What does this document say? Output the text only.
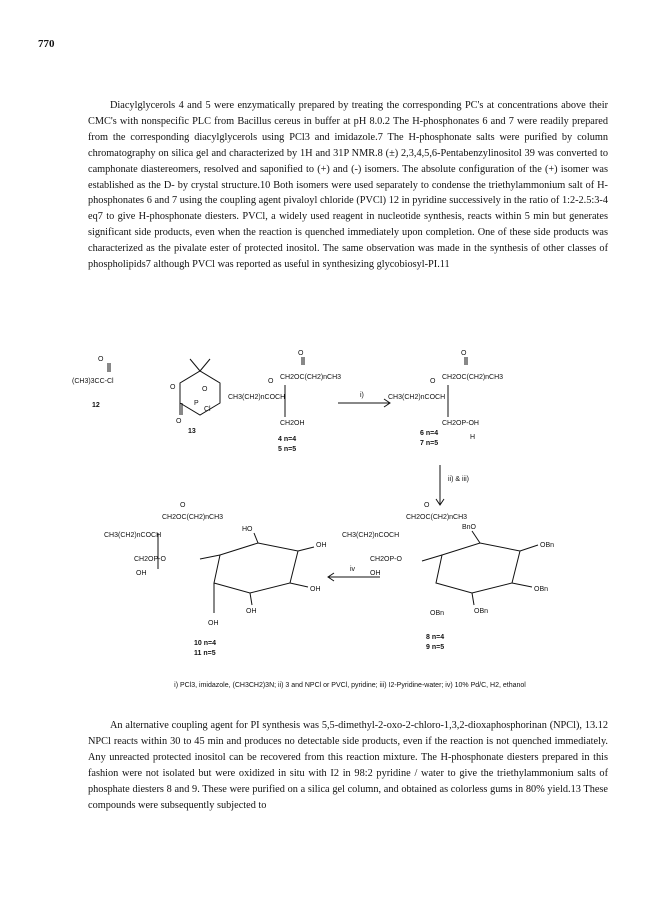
770

Diacylglycerols 4 and 5 were enzymatically prepared by treating the corresponding PC's at concentrations above their CMC's with nonspecific PLC from Bacillus cereus in buffer at pH 8.0.2 The H-phosphonates 6 and 7 were readily prepared from the corresponding diacylglycerols using PCl3 and imidazole.7 The H-phosphonate salts were purified by column chromatography on silica gel and characterized by 1H and 31P NMR.8 (±) 2,3,4,5,6-Pentabenzylinositol 39 was converted to camphonate diastereomers, resolved and saponified to (+) and (-) isomers. The absolute configuration of the (+) isomer was established as the D- by crystal structure.10 Both isomers were used separately to condense the triethylammonium salt of H-phosphonates 6 and 7 using the coupling agent pivaloyl chloride (PVCl) 12 in pyridine successively in the ratio of 1:2-2.5:3-4 eq7 to give H-phosphonate diesters. PVCl, a widely used reagent in nucleotide synthesis, reacts within 5 min but generates significant side products, even when the reaction is quenched immediately upon completion. One of these side products was characterized as the pivalate ester of protected inositol. The same observation was made in the synthesis of other classes of phospholipids7 although PVCl was reported as useful in synthesizing glycobiosyl-PI.11

O
(CH3)3CC-Cl
12
O
O
P
Cl
O
13
O
CH2OC(CH2)nCH3
O
CH3(CH2)nCOCH
CH2OH
4 n=4
5 n=5
i)
O
CH2OC(CH2)nCH3
O
CH3(CH2)nCOCH
CH2OP-OH
H
6 n=4
7 n=5
ii) & iii)
O
CH2OC(CH2)nCH3
CH3(CH2)nCOCH
CH2OP-O
OH
BnO
OBn
OBn
OBn
OBn
8 n=4
9 n=5
iv
O
CH2OC(CH2)nCH3
CH3(CH2)nCOCH
CH2OP-O
OH
HO
OH
OH
OH
OH
10 n=4
11 n=5
i) PCl3, imidazole, (CH3CH2)3N; ii) 3 and NPCl or PVCl, pyridine; iii) I2-Pyridine-water; iv) 10% Pd/C, H2, ethanol

An alternative coupling agent for PI synthesis was 5,5-dimethyl-2-oxo-2-chloro-1,3,2-dioxaphosphorinan (NPCl), 13.12 NPCl reacts within 30 to 45 min and produces no detectable side products, even if the reaction is not quenched immediately. Any unreacted protected inositol can be recovered from this reaction mixture. The H-phosphonate diesters prepared in this fashion were not isolated but were oxidized in situ with I2 in 98:2 pyridine / water to give the triethylammonium salts of phosphate diesters 8 and 9. These were purified on a silica gel column, and obtained as colorless gums in 80% yield.13 These compounds were subsequently subjected to
